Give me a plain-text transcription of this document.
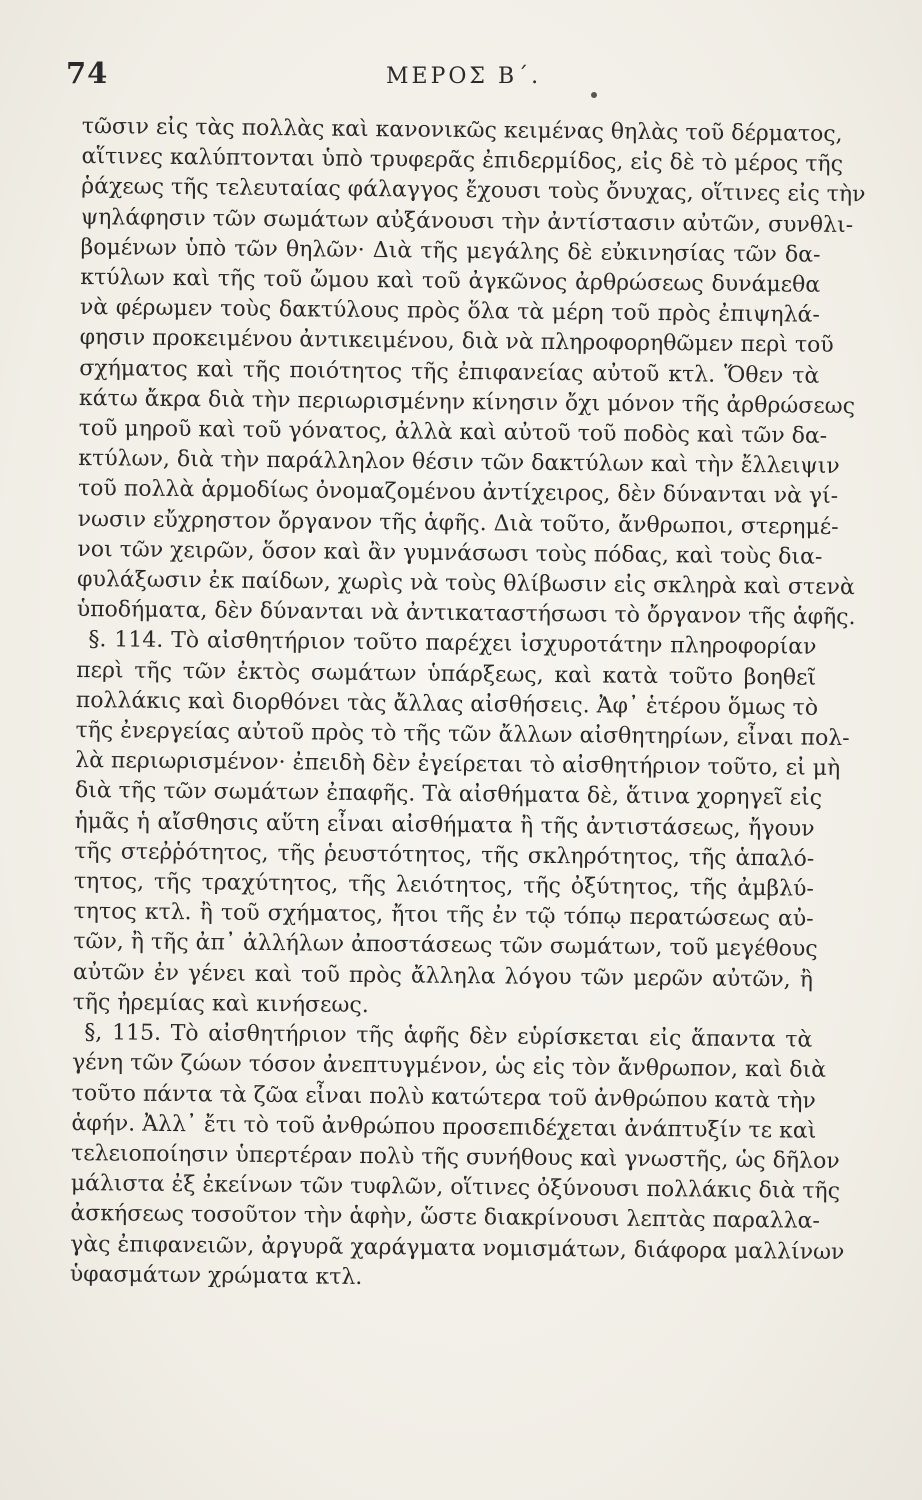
74	ΜΕΡΟΣ Β΄.
τῶσιν εἰς τὰς πολλὰς καὶ κανονικῶς κειμένας θηλὰς τοῦ δέρματος,
αἵτινες καλύπτονται ὑπὸ τρυφερᾶς ἐπιδερμίδος, εἰς δὲ τὸ μέρος τῆς
ῥάχεως τῆς τελευταίας φάλαγγος ἔχουσι τοὺς ὄνυχας, οἵτινες εἰς τὴν
ψηλάφησιν τῶν σωμάτων αὐξάνουσι τὴν ἀντίστασιν αὐτῶν, συνθλι-
βομένων ὑπὸ τῶν θηλῶν· Διὰ τῆς μεγάλης δὲ εὐκινησίας τῶν δα-
κτύλων καὶ τῆς τοῦ ὤμου καὶ τοῦ ἀγκῶνος ἀρθρώσεως δυνάμεθα
νὰ φέρωμεν τοὺς δακτύλους πρὸς ὅλα τὰ μέρη τοῦ πρὸς ἐπιψηλά-
φησιν προκειμένου ἀντικειμένου, διὰ νὰ πληροφορηθῶμεν περὶ τοῦ
σχήματος καὶ τῆς ποιότητος τῆς ἐπιφανείας αὐτοῦ κτλ. Ὅθεν τὰ
κάτω ἄκρα διὰ τὴν περιωρισμένην κίνησιν ὄχι μόνον τῆς ἀρθρώσεως
τοῦ μηροῦ καὶ τοῦ γόνατος, ἀλλὰ καὶ αὐτοῦ τοῦ ποδὸς καὶ τῶν δα-
κτύλων, διὰ τὴν παράλληλον θέσιν τῶν δακτύλων καὶ τὴν ἔλλειψιν
τοῦ πολλὰ ἁρμοδίως ὀνομαζομένου ἀντίχειρος, δὲν δύνανται νὰ γί-
νωσιν εὔχρηστον ὄργανον τῆς ἁφῆς. Διὰ τοῦτο, ἄνθρωποι, στερημέ-
νοι τῶν χειρῶν, ὅσον καὶ ἂν γυμνάσωσι τοὺς πόδας, καὶ τοὺς δια-
φυλάξωσιν ἐκ παίδων, χωρὶς νὰ τοὺς θλίβωσιν εἰς σκληρὰ καὶ στενὰ
ὑποδήματα, δὲν δύνανται νὰ ἀντικαταστήσωσι τὸ ὄργανον τῆς ἁφῆς.
§. 114. Τὸ αἰσθητήριον τοῦτο παρέχει ἰσχυροτάτην πληροφορίαν
περὶ τῆς τῶν ἐκτὸς σωμάτων ὑπάρξεως, καὶ κατὰ τοῦτο βοηθεῖ
πολλάκις καὶ διορθόνει τὰς ἄλλας αἰσθήσεις. Ἀφ᾽ ἑτέρου ὅμως τὸ
τῆς ἐνεργείας αὐτοῦ πρὸς τὸ τῆς τῶν ἄλλων αἰσθητηρίων, εἶναι πολ-
λὰ περιωρισμένον· ἐπειδὴ δὲν ἐγείρεται τὸ αἰσθητήριον τοῦτο, εἰ μὴ
διὰ τῆς τῶν σωμάτων ἐπαφῆς. Τὰ αἰσθήματα δὲ, ἅτινα χορηγεῖ εἰς
ἡμᾶς ἡ αἴσθησις αὕτη εἶναι αἰσθήματα ἢ τῆς ἀντιστάσεως, ἤγουν
τῆς στεῤῥότητος, τῆς ῥευστότητος, τῆς σκληρότητος, τῆς ἁπαλό-
τητος, τῆς τραχύτητος, τῆς λειότητος, τῆς ὀξύτητος, τῆς ἀμβλύ-
τητος κτλ. ἢ τοῦ σχήματος, ἤτοι τῆς ἐν τῷ τόπῳ περατώσεως αὐ-
τῶν, ἢ τῆς ἀπ᾽ ἀλλήλων ἀποστάσεως τῶν σωμάτων, τοῦ μεγέθους
αὐτῶν ἐν γένει καὶ τοῦ πρὸς ἄλληλα λόγου τῶν μερῶν αὐτῶν, ἢ
τῆς ἠρεμίας καὶ κινήσεως.
§, 115. Τὸ αἰσθητήριον τῆς ἁφῆς δὲν εὑρίσκεται εἰς ἅπαντα τὰ
γένη τῶν ζώων τόσον ἀνεπτυγμένον, ὡς εἰς τὸν ἄνθρωπον, καὶ διὰ
τοῦτο πάντα τὰ ζῶα εἶναι πολὺ κατώτερα τοῦ ἀνθρώπου κατὰ τὴν
ἁφήν. Ἀλλ᾽ ἔτι τὸ τοῦ ἀνθρώπου προσεπιδέχεται ἀνάπτυξίν τε καὶ
τελειοποίησιν ὑπερτέραν πολὺ τῆς συνήθους καὶ γνωστῆς, ὡς δῆλον
μάλιστα ἐξ ἐκείνων τῶν τυφλῶν, οἵτινες ὀξύνουσι πολλάκις διὰ τῆς
ἀσκήσεως τοσοῦτον τὴν ἁφὴν, ὥστε διακρίνουσι λεπτὰς παραλλα-
γὰς ἐπιφανειῶν, ἀργυρᾶ χαράγματα νομισμάτων, διάφορα μαλλίνων
ὑφασμάτων χρώματα κτλ.
